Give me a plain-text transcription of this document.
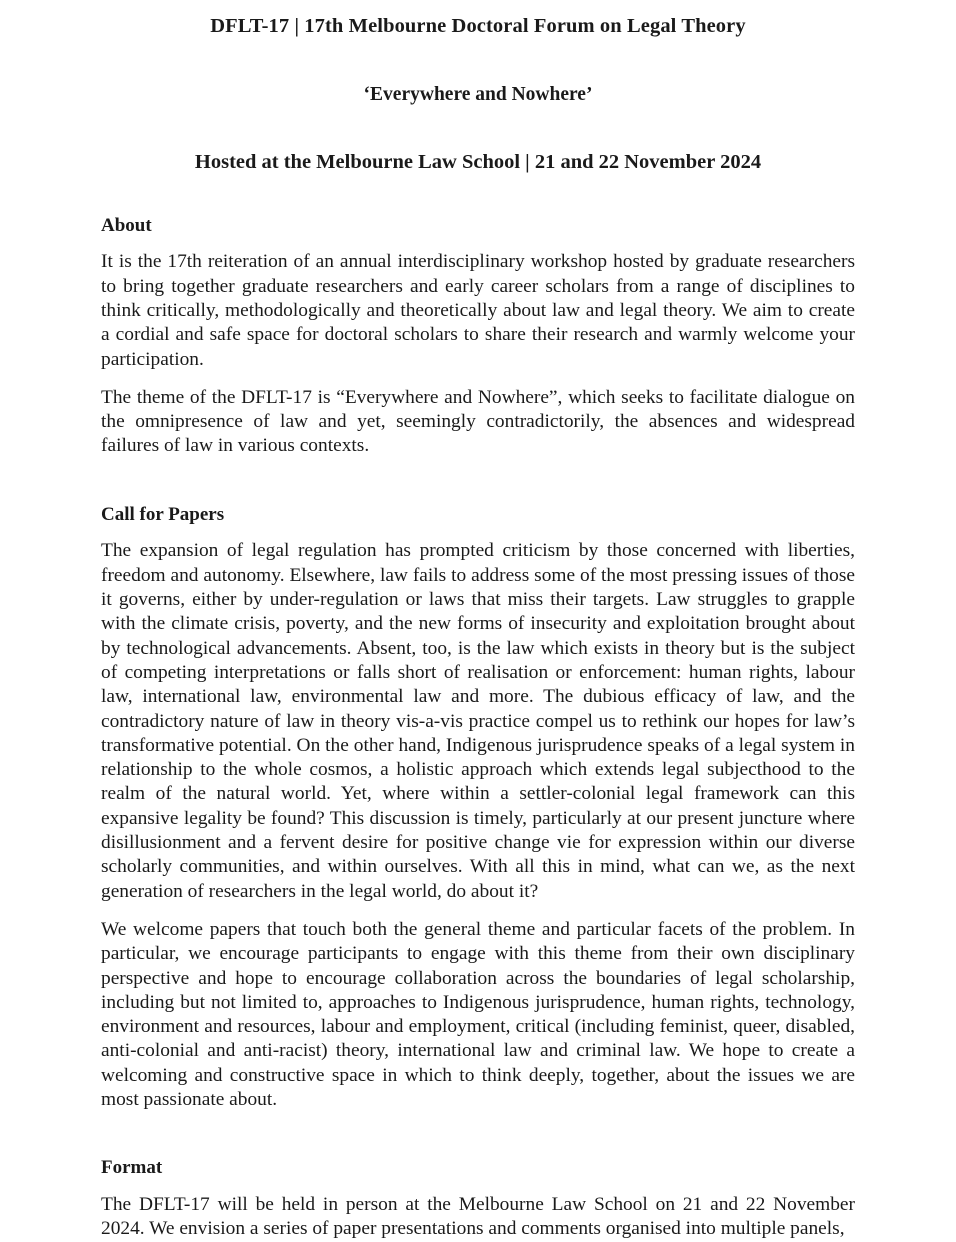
DFLT-17 | 17th Melbourne Doctoral Forum on Legal Theory
‘Everywhere and Nowhere’
Hosted at the Melbourne Law School | 21 and 22 November 2024
About

It is the 17th reiteration of an annual interdisciplinary workshop hosted by graduate researchers to bring together graduate researchers and early career scholars from a range of disciplines to think critically, methodologically and theoretically about law and legal theory. We aim to create a cordial and safe space for doctoral scholars to share their research and warmly welcome your participation.

The theme of the DFLT-17 is “Everywhere and Nowhere”, which seeks to facilitate dialogue on the omnipresence of law and yet, seemingly contradictorily, the absences and widespread failures of law in various contexts.

Call for Papers

The expansion of legal regulation has prompted criticism by those concerned with liberties, freedom and autonomy. Elsewhere, law fails to address some of the most pressing issues of those it governs, either by under-regulation or laws that miss their targets. Law struggles to grapple with the climate crisis, poverty, and the new forms of insecurity and exploitation brought about by technological advancements. Absent, too, is the law which exists in theory but is the subject of competing interpretations or falls short of realisation or enforcement: human rights, labour law, international law, environmental law and more. The dubious efficacy of law, and the contradictory nature of law in theory vis-a-vis practice compel us to rethink our hopes for law’s transformative potential. On the other hand, Indigenous jurisprudence speaks of a legal system in relationship to the whole cosmos, a holistic approach which extends legal subjecthood to the realm of the natural world. Yet, where within a settler-colonial legal framework can this expansive legality be found? This discussion is timely, particularly at our present juncture where disillusionment and a fervent desire for positive change vie for expression within our diverse scholarly communities, and within ourselves. With all this in mind, what can we, as the next generation of researchers in the legal world, do about it?

We welcome papers that touch both the general theme and particular facets of the problem. In particular, we encourage participants to engage with this theme from their own disciplinary perspective and hope to encourage collaboration across the boundaries of legal scholarship, including but not limited to, approaches to Indigenous jurisprudence, human rights, technology, environment and resources, labour and employment, critical (including feminist, queer, disabled, anti-colonial and anti-racist) theory, international law and criminal law. We hope to create a welcoming and constructive space in which to think deeply, together, about the issues we are most passionate about.

Format

The DFLT-17 will be held in person at the Melbourne Law School on 21 and 22 November 2024. We envision a series of paper presentations and comments organised into multiple panels,
